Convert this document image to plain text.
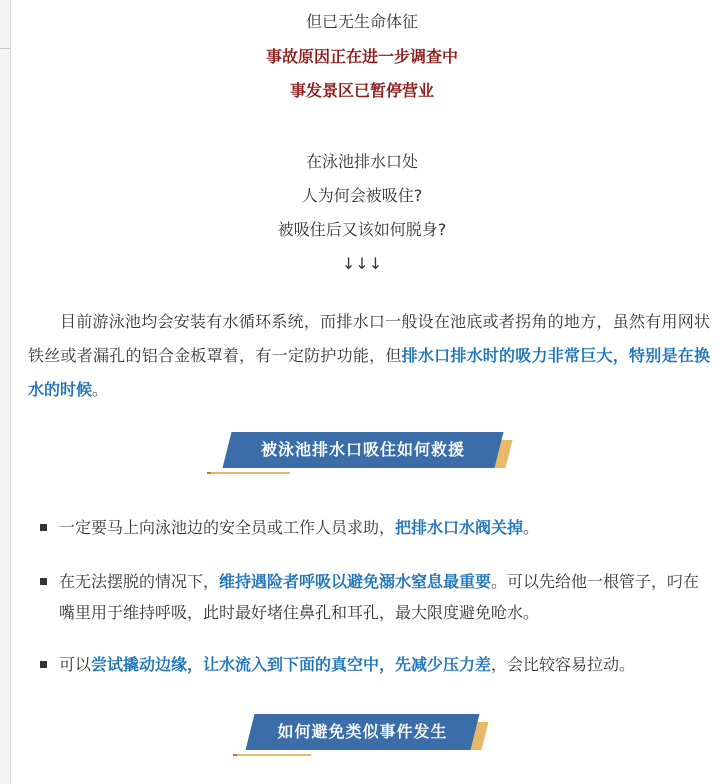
但已无生命体征
事故原因正在进一步调查中
事发景区已暂停营业
在泳池排水口处
人为何会被吸住?
被吸住后又该如何脱身?
↓↓↓
目前游泳池均会安装有水循环系统，而排水口一般设在池底或者拐角的地方，虽然有用网状铁丝或者漏孔的铝合金板罩着，有一定防护功能，但排水口排水时的吸力非常巨大，特别是在换水的时候。
被泳池排水口吸住如何救援
一定要马上向泳池边的安全员或工作人员求助，把排水口水阀关掉。
在无法摆脱的情况下，维持遇险者呼吸以避免溺水窒息最重要。可以先给他一根管子，叼在嘴里用于维持呼吸，此时最好堵住鼻孔和耳孔，最大限度避免呛水。
可以尝试撬动边缘，让水流入到下面的真空中，先减少压力差，会比较容易拉动。
如何避免类似事件发生
